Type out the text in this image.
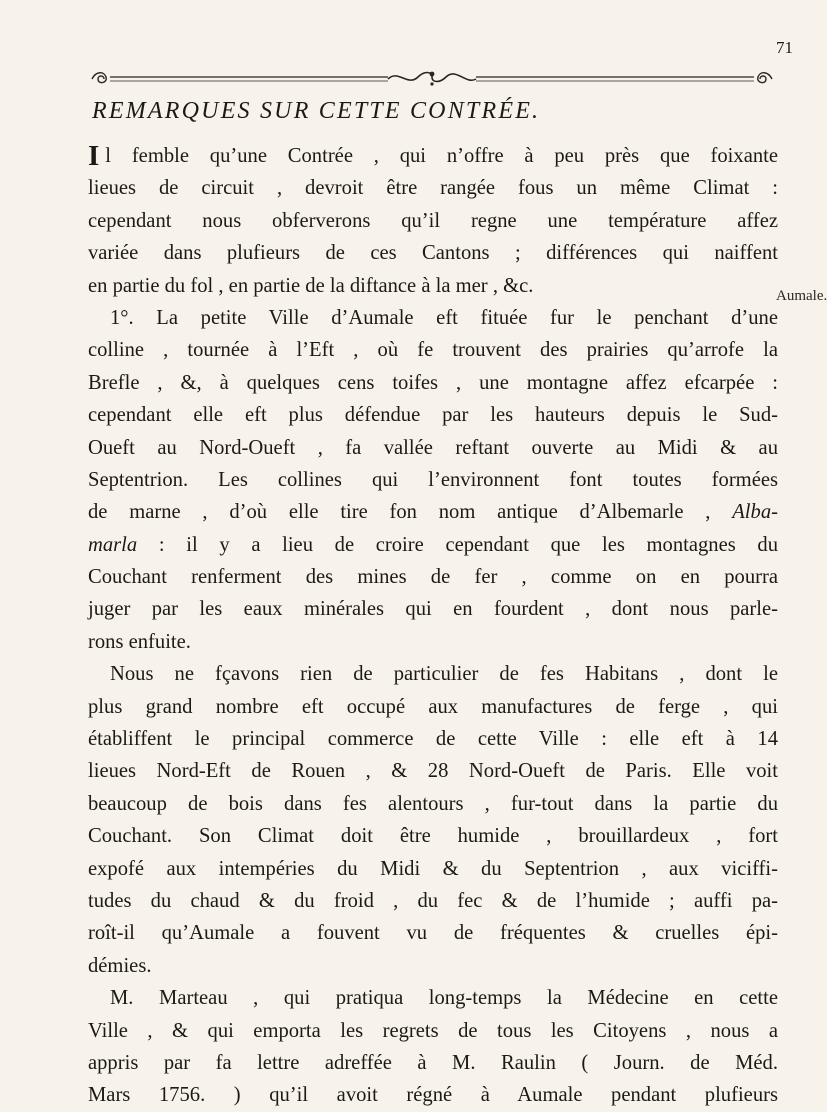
71
REMARQUES SUR CETTE CONTRÉE.
Aumale.
I l femble qu’une Contrée , qui n’offre à peu près que foixante
lieues de circuit , devroit être rangée fous un même Climat :
cependant nous obferverons qu’il regne une température affez
variée dans plufieurs de ces Cantons ; différences qui naiffent
en partie du fol , en partie de la diftance à la mer , &c.
1°. La petite Ville d’Aumale eft fituée fur le penchant d’une
colline , tournée à l’Eft , où fe trouvent des prairies qu’arrofe la
Brefle , &, à quelques cens toifes , une montagne affez efcarpée :
cependant elle eft plus défendue par les hauteurs depuis le Sud-
Oueft au Nord-Oueft , fa vallée reftant ouverte au Midi & au
Septentrion. Les collines qui l’environnent font toutes formées
de marne , d’où elle tire fon nom antique d’Albemarle , Alba-
marla : il y a lieu de croire cependant que les montagnes du
Couchant renferment des mines de fer , comme on en pourra
juger par les eaux minérales qui en fourdent , dont nous parle-
rons enfuite.
Nous ne fçavons rien de particulier de fes Habitans , dont le
plus grand nombre eft occupé aux manufactures de ferge , qui
établiffent le principal commerce de cette Ville : elle eft à 14
lieues Nord-Eft de Rouen , & 28 Nord-Oueft de Paris. Elle voit
beaucoup de bois dans fes alentours , fur-tout dans la partie du
Couchant. Son Climat doit être humide , brouillardeux , fort
expofé aux intempéries du Midi & du Septentrion , aux viciffi-
tudes du chaud & du froid , du fec & de l’humide ; auffi pa-
roît-il qu’Aumale a fouvent vu de fréquentes & cruelles épi-
démies.
M. Marteau , qui pratiqua long-temps la Médecine en cette
Ville , & qui emporta les regrets de tous les Citoyens , nous a
appris par fa lettre adreffée à M. Raulin ( Journ. de Méd.
Mars 1756. ) qu’il avoit régné à Aumale pendant plufieurs
